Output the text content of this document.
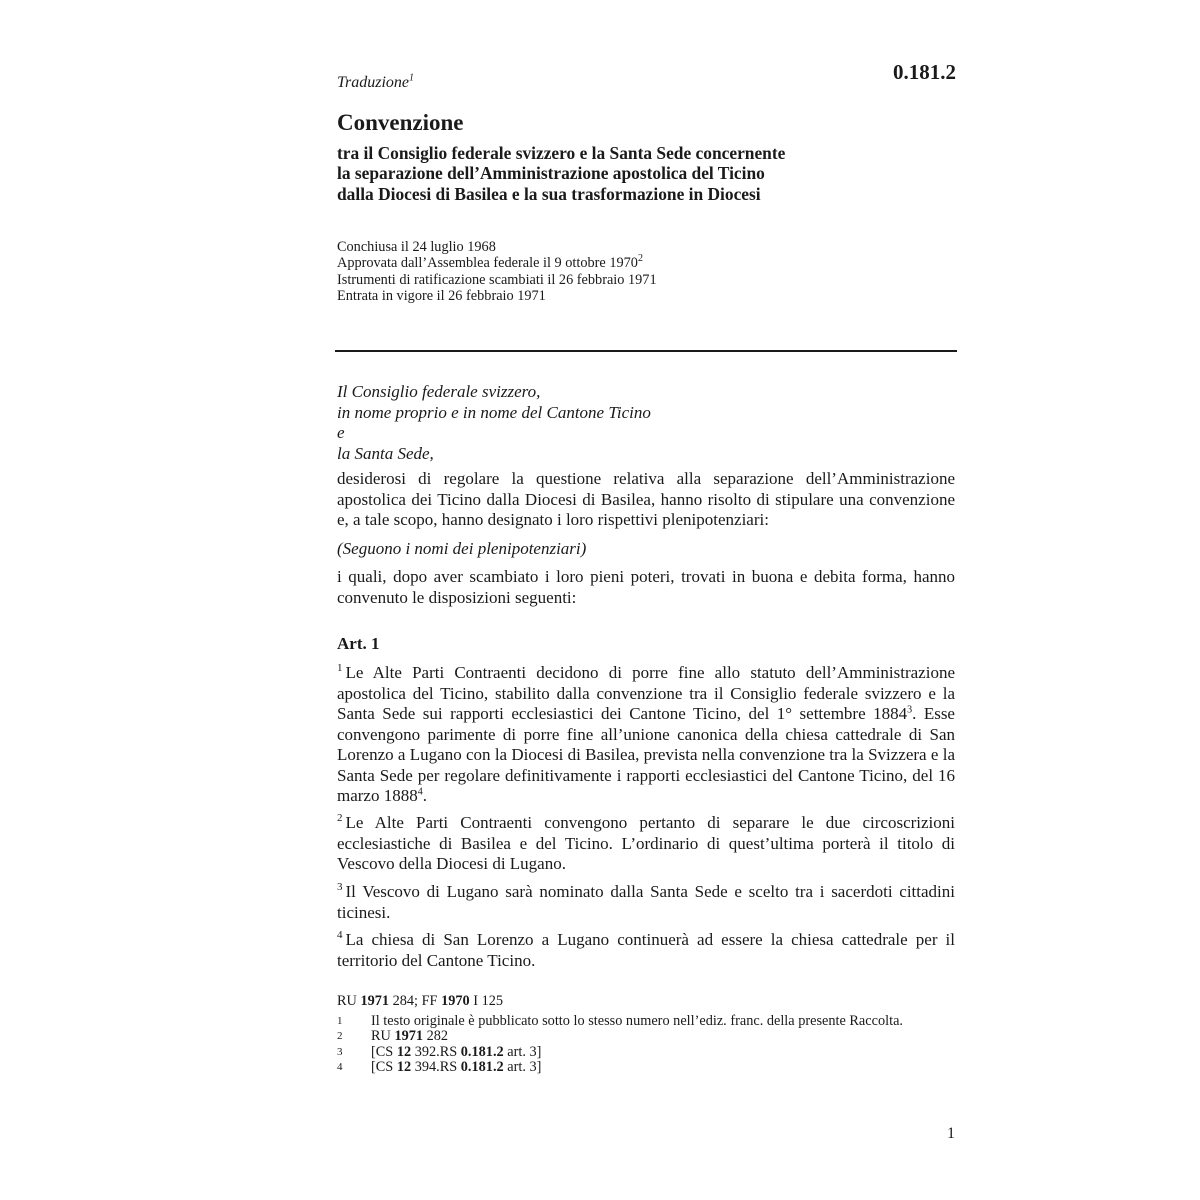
Traduzione$^1$	0.181.2
Convenzione
tra il Consiglio federale svizzero e la Santa Sede concernente
la separazione dell’Amministrazione apostolica del Ticino
dalla Diocesi di Basilea e la sua trasformazione in Diocesi
Conchiusa il 24 luglio 1968
Approvata dall’Assemblea federale il 9 ottobre 1970$^2$
Istrumenti di ratificazione scambiati il 26 febbraio 1971
Entrata in vigore il 26 febbraio 1971
Il Consiglio federale svizzero,
in nome proprio e in nome del Cantone Ticino
e
la Santa Sede,
desiderosi di regolare la questione relativa alla separazione dell’Amministrazione apostolica dei Ticino dalla Diocesi di Basilea, hanno risolto di stipulare una convenzione e, a tale scopo, hanno designato i loro rispettivi plenipotenziari:
(Seguono i nomi dei plenipotenziari)
i quali, dopo aver scambiato i loro pieni poteri, trovati in buona e debita forma, hanno convenuto le disposizioni seguenti:
Art. 1
$^1$ Le Alte Parti Contraenti decidono di porre fine allo statuto dell’Amministrazione apostolica del Ticino, stabilito dalla convenzione tra il Consiglio federale svizzero e la Santa Sede sui rapporti ecclesiastici dei Cantone Ticino, del 1° settembre 1884$^3$. Esse convengono parimente di porre fine all’unione canonica della chiesa cattedrale di San Lorenzo a Lugano con la Diocesi di Basilea, prevista nella convenzione tra la Svizzera e la Santa Sede per regolare definitivamente i rapporti ecclesiastici del Cantone Ticino, del 16 marzo 1888$^4$.
$^2$ Le Alte Parti Contraenti convengono pertanto di separare le due circoscrizioni ecclesiastiche di Basilea e del Ticino. L’ordinario di quest’ultima porterà il titolo di Vescovo della Diocesi di Lugano.
$^3$ Il Vescovo di Lugano sarà nominato dalla Santa Sede e scelto tra i sacerdoti cittadini ticinesi.
$^4$ La chiesa di San Lorenzo a Lugano continuerà ad essere la chiesa cattedrale per il territorio del Cantone Ticino.
RU 1971 284; FF 1970 I 125
1	Il testo originale è pubblicato sotto lo stesso numero nell’ediz. franc. della presente Raccolta.
2	RU 1971 282
3	[CS 12 392.RS 0.181.2 art. 3]
4	[CS 12 394.RS 0.181.2 art. 3]
1
